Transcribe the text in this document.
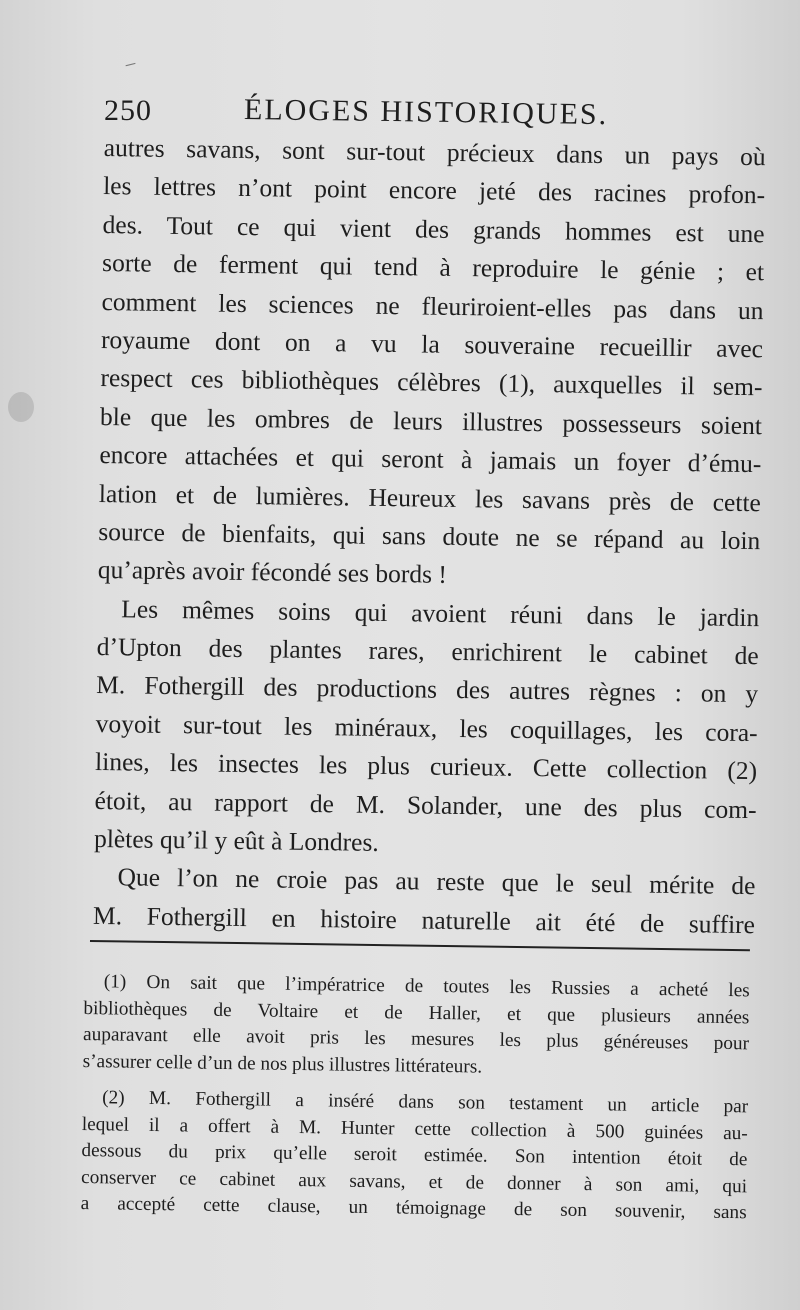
250	ÉLOGES HISTORIQUES.
autres savans, sont sur-tout précieux dans un pays où
les lettres n’ont point encore jeté des racines profon-
des. Tout ce qui vient des grands hommes est une
sorte de ferment qui tend à reproduire le génie ; et
comment les sciences ne fleuriroient-elles pas dans un
royaume dont on a vu la souveraine recueillir avec
respect ces bibliothèques célèbres (1), auxquelles il sem-
ble que les ombres de leurs illustres possesseurs soient
encore attachées et qui seront à jamais un foyer d’ému-
lation et de lumières. Heureux les savans près de cette
source de bienfaits, qui sans doute ne se répand au loin
qu’après avoir fécondé ses bords !
Les mêmes soins qui avoient réuni dans le jardin
d’Upton des plantes rares, enrichirent le cabinet de
M. Fothergill des productions des autres règnes : on y
voyoit sur-tout les minéraux, les coquillages, les cora-
lines, les insectes les plus curieux. Cette collection (2)
étoit, au rapport de M. Solander, une des plus com-
plètes qu’il y eût à Londres.
Que l’on ne croie pas au reste que le seul mérite de
M. Fothergill en histoire naturelle ait été de suffire
(1) On sait que l’impératrice de toutes les Russies a acheté les
bibliothèques de Voltaire et de Haller, et que plusieurs années
auparavant elle avoit pris les mesures les plus généreuses pour
s’assurer celle d’un de nos plus illustres littérateurs.
(2) M. Fothergill a inséré dans son testament un article par
lequel il a offert à M. Hunter cette collection à 500 guinées au-
dessous du prix qu’elle seroit estimée. Son intention étoit de
conserver ce cabinet aux savans, et de donner à son ami, qui
a accepté cette clause, un témoignage de son souvenir, sans
